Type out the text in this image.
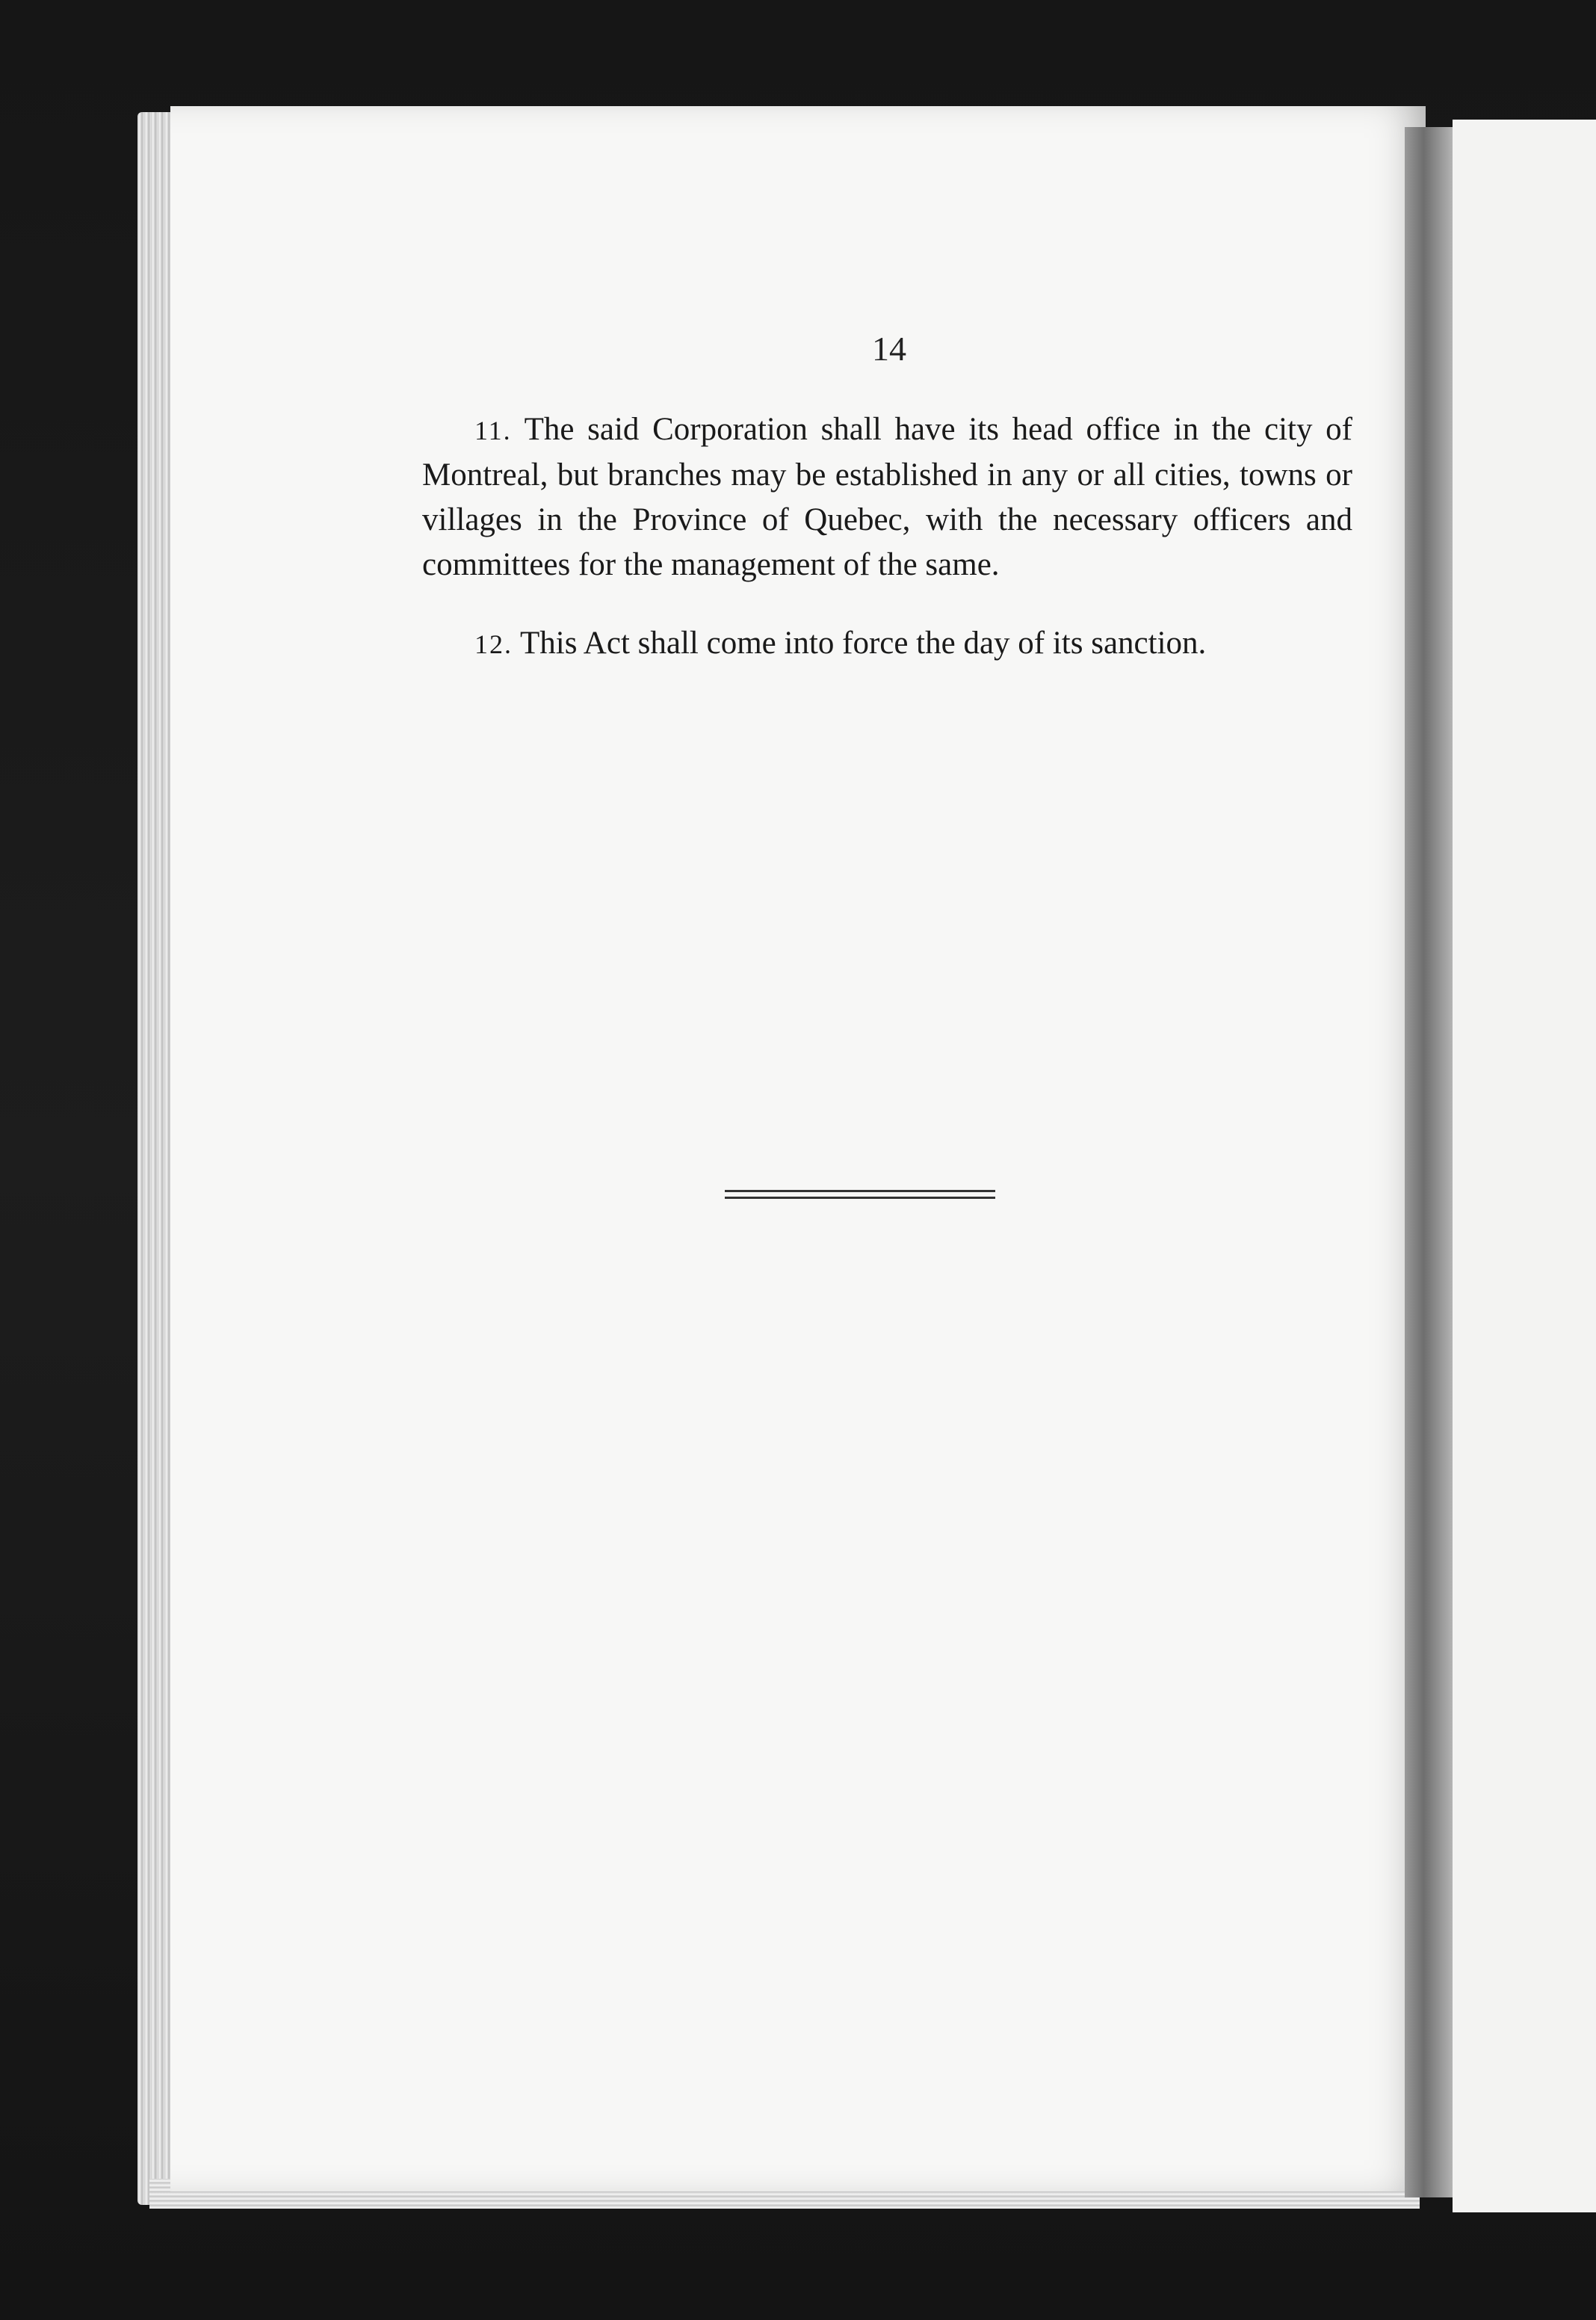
14

11. The said Corporation shall have its head office in the city of Montreal, but branches may be established in any or all cities, towns or villages in the Province of Quebec, with the necessary officers and committees for the management of the same.

12. This Act shall come into force the day of its sanction.
